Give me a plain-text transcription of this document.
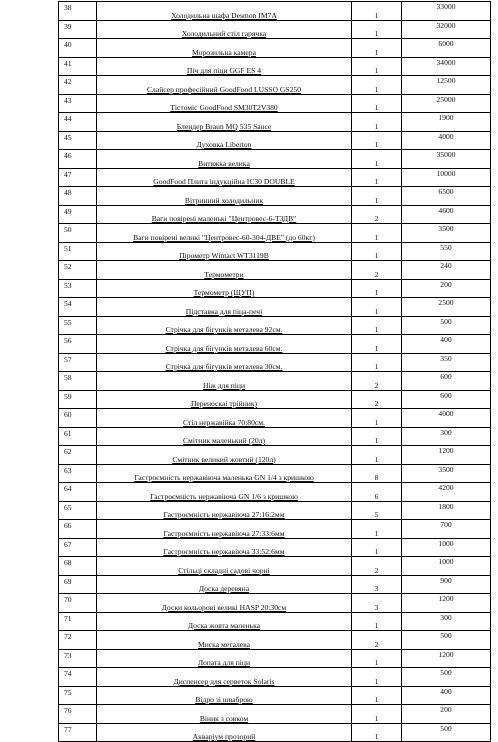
38	Холодильна шафа Desmon IM7A	1	33000
39	Холодильний стіл гарячка	1	32000
40	Морозильна камера	1	6000
41	Піч для піци GGF ES 4	1	34000
42	Слайсер професійний GoodFood LUSSO GS250	1	12500
43	Тістоміс GoodFood SM30T2V380	1	25000
44	Блендер Braun MQ 535 Sauce	1	1900
45	Духовка Liberton	1	4000
46	Витяжка велика	1	35000
47	GoodFood Плита індукційна IC30 DOUBLE	1	10000
48	Вітринний холодильник	1	6500
49	Ваги повірені маленькі "Центровес-6-ТЗДВ"	2	4600
50	Ваги повірені великі "Центровес-60-304-ДВЕ" (до 60кг)	1	3500
51	Пірометр Wintact WT3119B	1	550
52	Термометри	2	240
53	Термометр (ЩУП)	1	200
54	Підставка для піца-печі	1	2500
55	Стрічка для бігунків металева 92см.	1	500
56	Стрічка для бігунків металева 60см.	1	400
57	Стрічка для бігунків металева 30см.	1	350
58	Ніж для піци	2	600
59	Переноскаі трійник)	2	600
60	Стіл нержавійка 70:80см.	1	4000
61	Смітник маленький (20л)	1	300
62	Смітник великий жовтий (120л)	1	1200
63	Гастроємність нержавіюча маленька GN 1/4 з кришкою	8	3500
64	Гастроємність нержавіюча GN 1/6 з кришкою	6	4200
65	Гастроємність нержавіюча 27:16:2мм	5	1800
66	Гастроємність нержавіюча 27:33:6мм	1	700
67	Гастроємність нержавіюча 33:52:6мм	1	1000
68	Стільці складні садові чорні	2	1000
69	Доска деревяна	3	900
70	Доски кольорові великі HASP 20:30см	3	1200
71	Доска жовта маленька	1	300
72	Миска металева	2	500
73	Лопата для піци	1	1200
74	Диспенсер для серветок Solaris	1	500
75	Відро зі шваброю	1	400
76	Віник з совком	1	200
77	Акваріум прозорий	1	500
